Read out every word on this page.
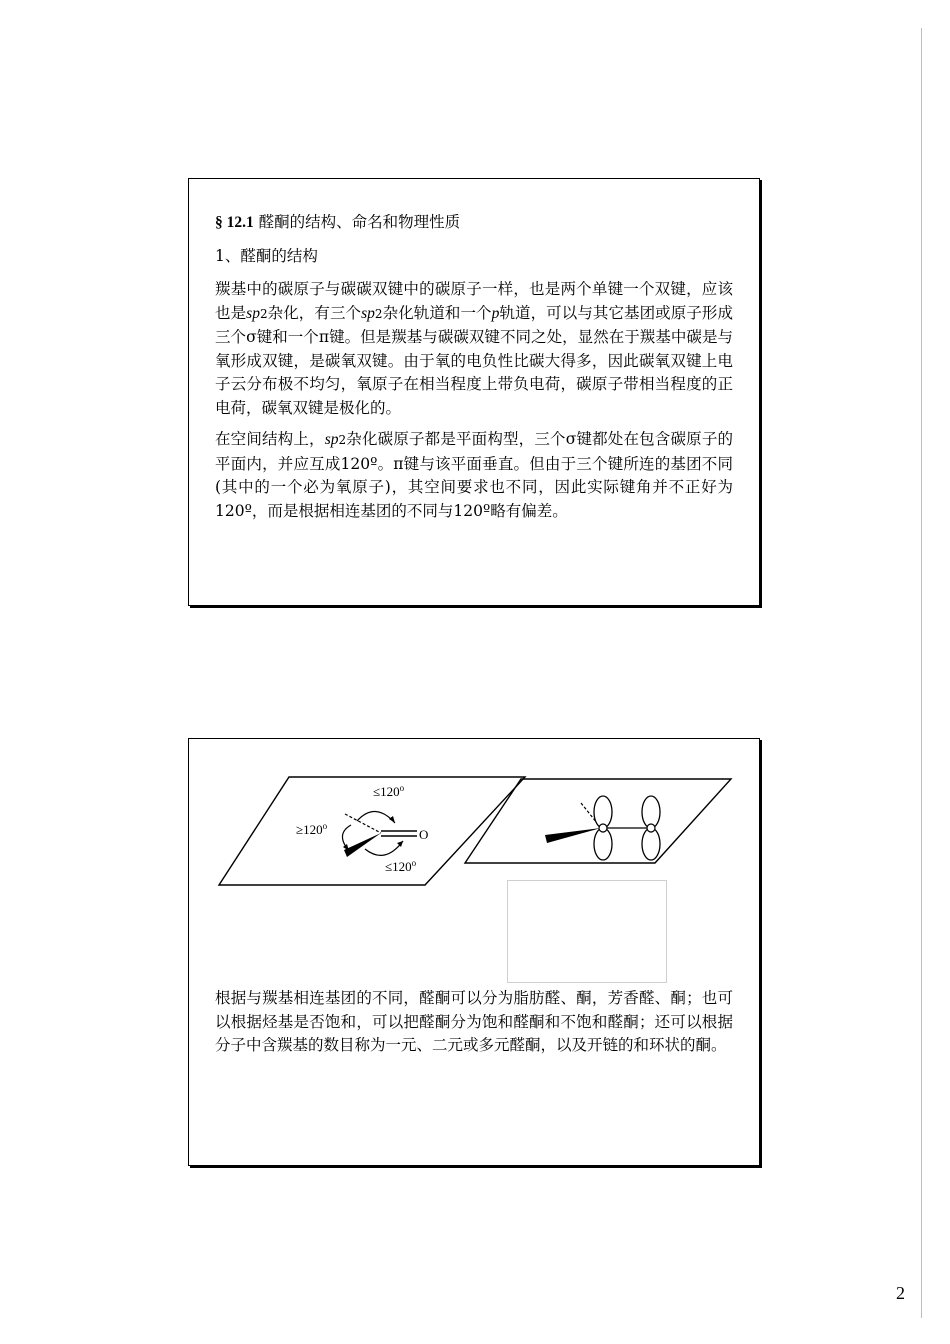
§ 12.1 醛酮的结构、命名和物理性质
1、醛酮的结构

羰基中的碳原子与碳碳双键中的碳原子一样，也是两个单键一个双键，应该也是sp2杂化，有三个sp2杂化轨道和一个p轨道，可以与其它基团或原子形成三个σ键和一个π键。但是羰基与碳碳双键不同之处，显然在于羰基中碳是与氧形成双键，是碳氧双键。由于氧的电负性比碳大得多，因此碳氧双键上电子云分布极不均匀，氧原子在相当程度上带负电荷，碳原子带相当程度的正电荷，碳氧双键是极化的。

在空间结构上，sp2杂化碳原子都是平面构型，三个σ键都处在包含碳原子的平面内，并应互成120º。π键与该平面垂直。但由于三个键所连的基团不同(其中的一个必为氧原子)，其空间要求也不同，因此实际键角并不正好为120º，而是根据相连基团的不同与120º略有偏差。

$\le 120^o$
$\ge 120^o$
$\le 120^o$
O

根据与羰基相连基团的不同，醛酮可以分为脂肪醛、酮，芳香醛、酮；也可以根据烃基是否饱和，可以把醛酮分为饱和醛酮和不饱和醛酮；还可以根据分子中含羰基的数目称为一元、二元或多元醛酮，以及开链的和环状的酮。

2
